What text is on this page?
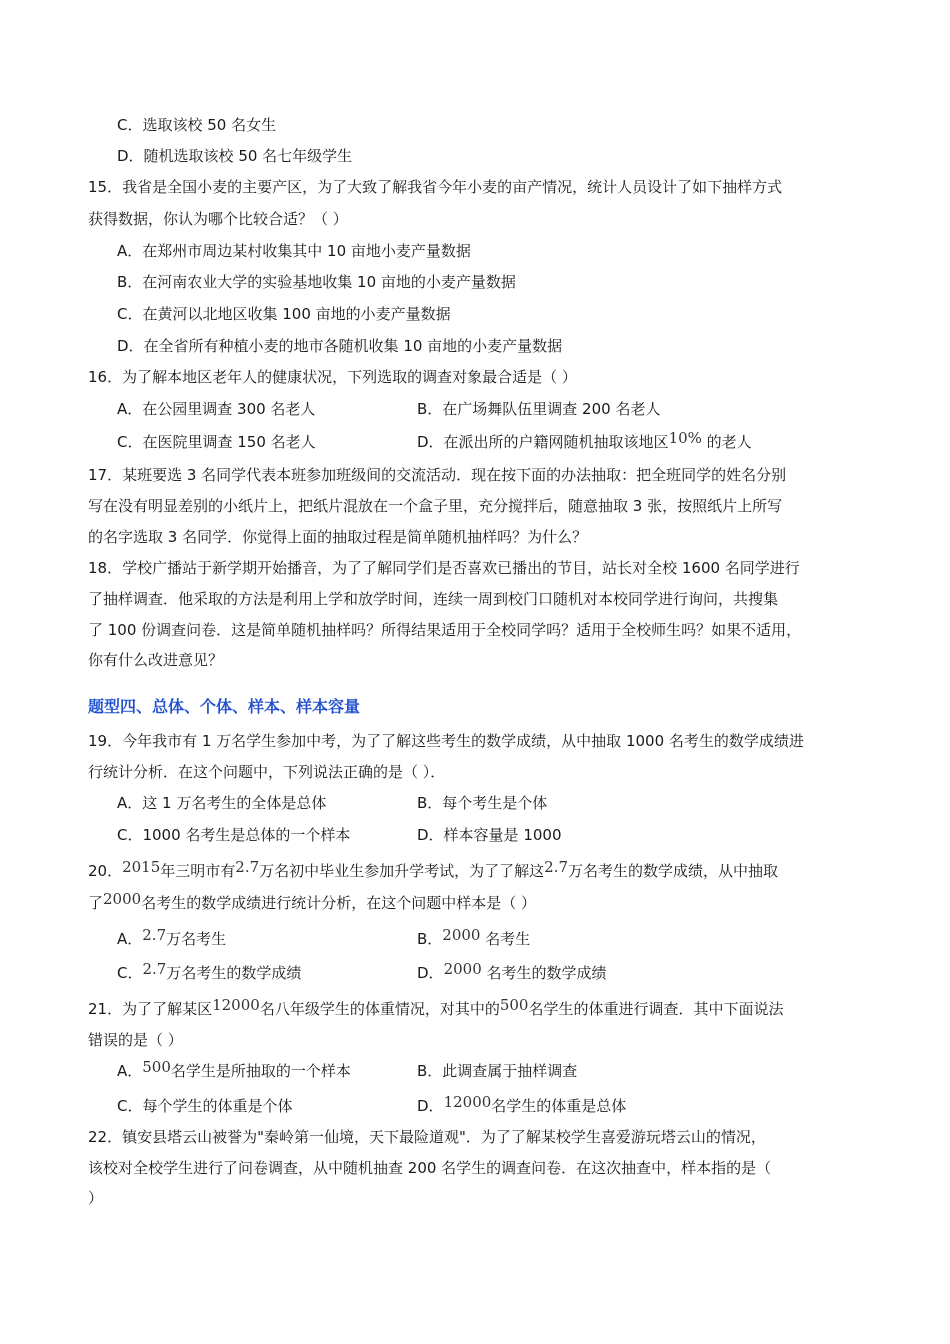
C．选取该校 50 名女生
D．随机选取该校 50 名七年级学生
15．我省是全国小麦的主要产区，为了大致了解我省今年小麦的亩产情况，统计人员设计了如下抽样方式
获得数据，你认为哪个比较合适？（ ）
A．在郑州市周边某村收集其中 10 亩地小麦产量数据
B．在河南农业大学的实验基地收集 10 亩地的小麦产量数据
C．在黄河以北地区收集 100 亩地的小麦产量数据
D．在全省所有种植小麦的地市各随机收集 10 亩地的小麦产量数据
16．为了解本地区老年人的健康状况，下列选取的调查对象最合适是（ ）
A．在公园里调查 300 名老人	B．在广场舞队伍里调查 200 名老人
C．在医院里调查 150 名老人	D．在派出所的户籍网随机抽取该地区10% 的老人
17．某班要选 3 名同学代表本班参加班级间的交流活动．现在按下面的办法抽取：把全班同学的姓名分别
写在没有明显差别的小纸片上，把纸片混放在一个盒子里，充分搅拌后，随意抽取 3 张，按照纸片上所写
的名字选取 3 名同学．你觉得上面的抽取过程是简单随机抽样吗？为什么？
18．学校广播站于新学期开始播音，为了了解同学们是否喜欢已播出的节目，站长对全校 1600 名同学进行
了抽样调查．他采取的方法是利用上学和放学时间，连续一周到校门口随机对本校同学进行询问，共搜集
了 100 份调查问卷．这是简单随机抽样吗？所得结果适用于全校同学吗？适用于全校师生吗？如果不适用，
你有什么改进意见？
题型四、总体、个体、样本、样本容量
19．今年我市有 1 万名学生参加中考，为了了解这些考生的数学成绩，从中抽取 1000 名考生的数学成绩进
行统计分析．在这个问题中，下列说法正确的是（ ）．
A．这 1 万名考生的全体是总体	B．每个考生是个体
C．1000 名考生是总体的一个样本	D．样本容量是 1000
20．2015年三明市有2.7万名初中毕业生参加升学考试，为了了解这2.7万名考生的数学成绩，从中抽取
了2000名考生的数学成绩进行统计分析，在这个问题中样本是（ ）
A．2.7万名考生	B．2000 名考生
C．2.7万名考生的数学成绩	D．2000 名考生的数学成绩
21．为了了解某区12000名八年级学生的体重情况，对其中的500名学生的体重进行调查．其中下面说法
错误的是（ ）
A．500名学生是所抽取的一个样本	B．此调查属于抽样调查
C．每个学生的体重是个体	D．12000名学生的体重是总体
22．镇安县塔云山被誉为"秦岭第一仙境，天下最险道观"．为了了解某校学生喜爱游玩塔云山的情况，
该校对全校学生进行了问卷调查，从中随机抽查 200 名学生的调查问卷．在这次抽查中，样本指的是（
）
